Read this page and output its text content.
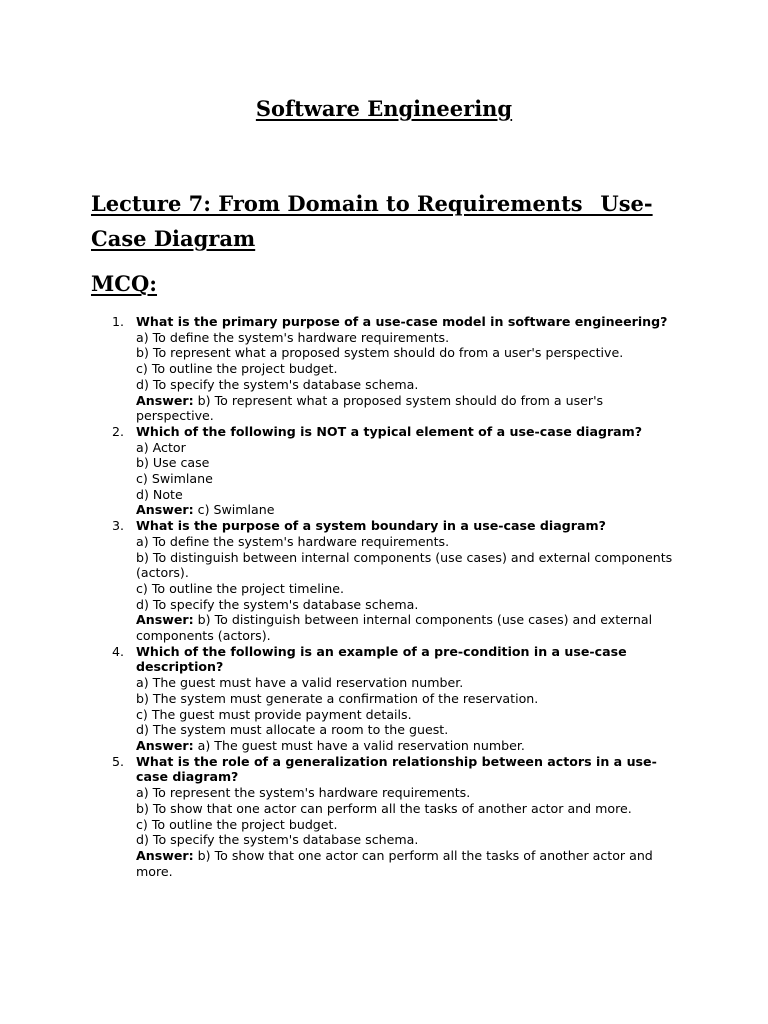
Software Engineering
Lecture 7: From Domain to Requirements_ Use-Case Diagram
MCQ:
1. What is the primary purpose of a use-case model in software engineering?
a) To define the system's hardware requirements.
b) To represent what a proposed system should do from a user's perspective.
c) To outline the project budget.
d) To specify the system's database schema.
Answer: b) To represent what a proposed system should do from a user's perspective.
2. Which of the following is NOT a typical element of a use-case diagram?
a) Actor
b) Use case
c) Swimlane
d) Note
Answer: c) Swimlane
3. What is the purpose of a system boundary in a use-case diagram?
a) To define the system's hardware requirements.
b) To distinguish between internal components (use cases) and external components (actors).
c) To outline the project timeline.
d) To specify the system's database schema.
Answer: b) To distinguish between internal components (use cases) and external components (actors).
4. Which of the following is an example of a pre-condition in a use-case description?
a) The guest must have a valid reservation number.
b) The system must generate a confirmation of the reservation.
c) The guest must provide payment details.
d) The system must allocate a room to the guest.
Answer: a) The guest must have a valid reservation number.
5. What is the role of a generalization relationship between actors in a use-case diagram?
a) To represent the system's hardware requirements.
b) To show that one actor can perform all the tasks of another actor and more.
c) To outline the project budget.
d) To specify the system's database schema.
Answer: b) To show that one actor can perform all the tasks of another actor and more.
